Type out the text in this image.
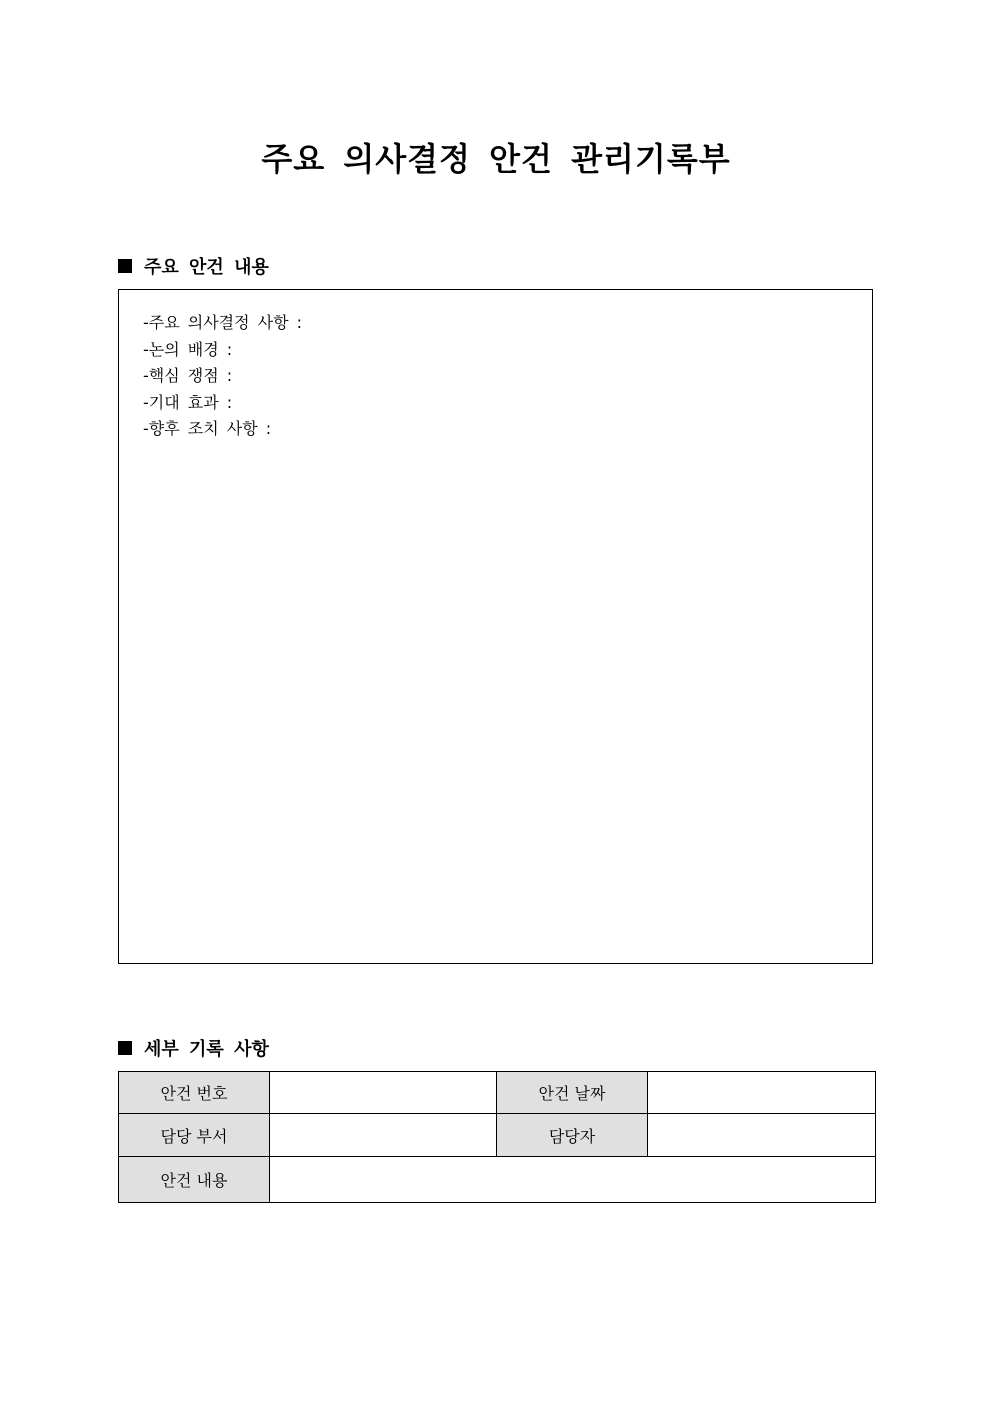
주요 의사결정 안건 관리기록부
주요 안건 내용
-주요 의사결정 사항 :
-논의 배경 :
-핵심 쟁점 :
-기대 효과 :
-향후 조치 사항 :
세부 기록 사항
안건 번호		안건 날짜	
담당 부서		담당자	
안건 내용			
